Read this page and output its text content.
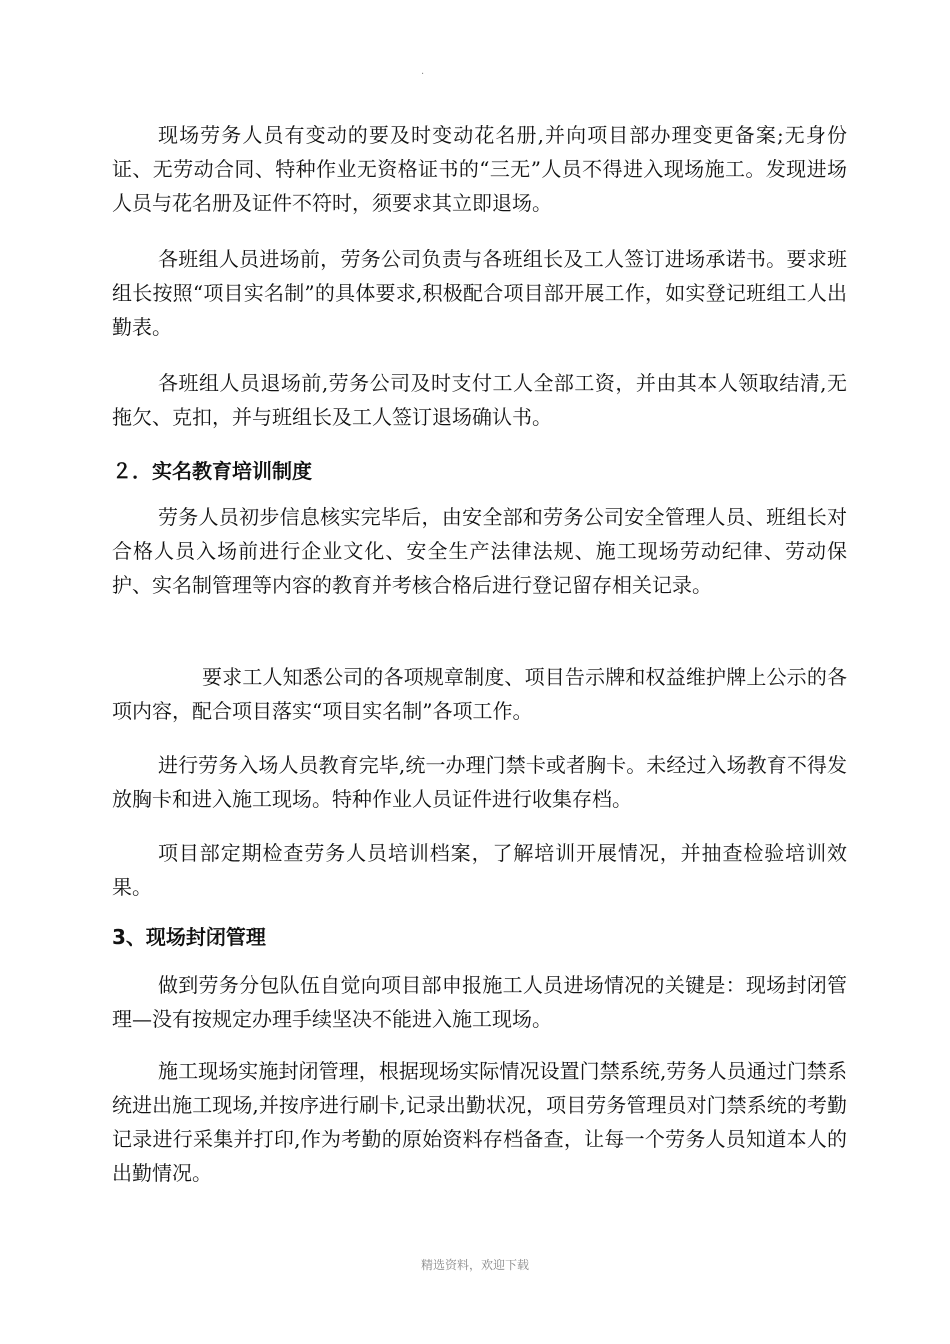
.

现场劳务人员有变动的要及时变动花名册,并向项目部办理变更备案;无身份证、无劳动合同、特种作业无资格证书的“三无”人员不得进入现场施工。发现进场人员与花名册及证件不符时，须要求其立即退场。

各班组人员进场前，劳务公司负责与各班组长及工人签订进场承诺书。要求班组长按照“项目实名制”的具体要求,积极配合项目部开展工作，如实登记班组工人出勤表。

各班组人员退场前,劳务公司及时支付工人全部工资，并由其本人领取结清,无拖欠、克扣，并与班组长及工人签订退场确认书。

２．实名教育培训制度

劳务人员初步信息核实完毕后，由安全部和劳务公司安全管理人员、班组长对合格人员入场前进行企业文化、安全生产法律法规、施工现场劳动纪律、劳动保护、实名制管理等内容的教育并考核合格后进行登记留存相关记录。

要求工人知悉公司的各项规章制度、项目告示牌和权益维护牌上公示的各项内容，配合项目落实“项目实名制”各项工作。

进行劳务入场人员教育完毕,统一办理门禁卡或者胸卡。未经过入场教育不得发放胸卡和进入施工现场。特种作业人员证件进行收集存档。

项目部定期检查劳务人员培训档案，了解培训开展情况，并抽查检验培训效果。

3、现场封闭管理

做到劳务分包队伍自觉向项目部申报施工人员进场情况的关键是：现场封闭管理—没有按规定办理手续坚决不能进入施工现场。

施工现场实施封闭管理，根据现场实际情况设置门禁系统,劳务人员通过门禁系统进出施工现场,并按序进行刷卡,记录出勤状况，项目劳务管理员对门禁系统的考勤记录进行采集并打印,作为考勤的原始资料存档备查，让每一个劳务人员知道本人的出勤情况。

精选资料，欢迎下载
